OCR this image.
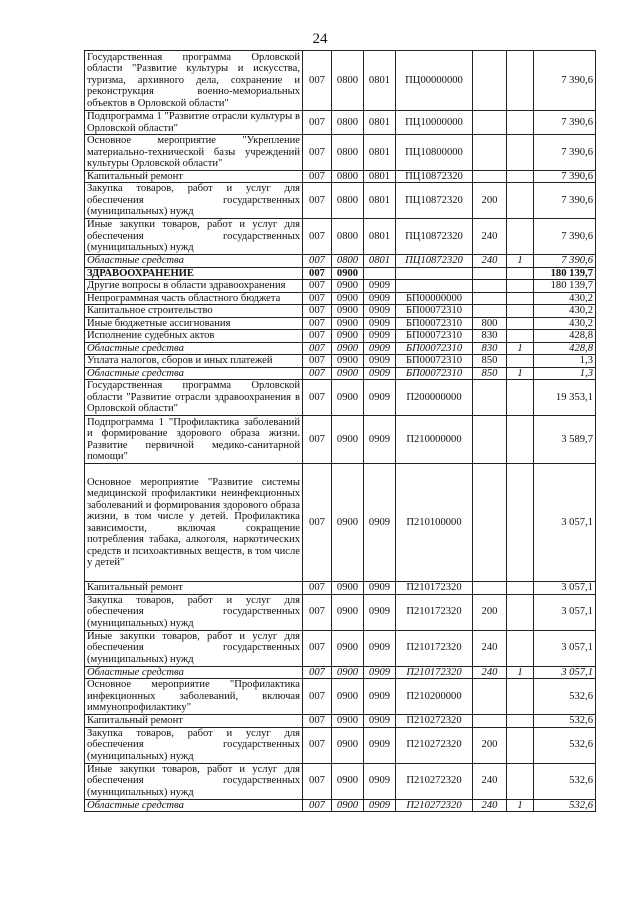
24
Государственная программа Орловской области "Развитие культуры и искусства, туризма, архивного дела, сохранение и реконструкция военно-мемориальных объектов в Орловской области"	007	0800	0801	ПЦ00000000			7 390,6
Подпрограмма 1 "Развитие отрасли культуры в Орловской области"	007	0800	0801	ПЦ10000000			7 390,6
Основное мероприятие "Укрепление материально-технической базы учреждений культуры Орловской области"	007	0800	0801	ПЦ10800000			7 390,6
Капитальный ремонт	007	0800	0801	ПЦ10872320			7 390,6
Закупка товаров, работ и услуг для обеспечения государственных (муниципальных) нужд	007	0800	0801	ПЦ10872320	200		7 390,6
Иные закупки товаров, работ и услуг для обеспечения государственных (муниципальных) нужд	007	0800	0801	ПЦ10872320	240		7 390,6
Областные средства	007	0800	0801	ПЦ10872320	240	1	7 390,6
ЗДРАВООХРАНЕНИЕ	007	0900					180 139,7
Другие вопросы в области здравоохранения	007	0900	0909				180 139,7
Непрограммная часть областного бюджета	007	0900	0909	БП00000000			430,2
Капитальное строительство	007	0900	0909	БП00072310			430,2
Иные бюджетные ассигнования	007	0900	0909	БП00072310	800		430,2
Исполнение судебных актов	007	0900	0909	БП00072310	830		428,8
Областные средства	007	0900	0909	БП00072310	830	1	428,8
Уплата налогов, сборов и иных платежей	007	0900	0909	БП00072310	850		1,3
Областные средства	007	0900	0909	БП00072310	850	1	1,3
Государственная программа Орловской области "Развитие отрасли здравоохранения в Орловской области"	007	0900	0909	П200000000			19 353,1
Подпрограмма 1 "Профилактика заболеваний и формирование здорового образа жизни. Развитие первичной медико-санитарной помощи"	007	0900	0909	П210000000			3 589,7
Основное мероприятие "Развитие системы медицинской профилактики неинфекционных заболеваний и формирования здорового образа жизни, в том числе у детей. Профилактика зависимости, включая сокращение потребления табака, алкоголя, наркотических средств и психоактивных веществ, в том числе у детей"	007	0900	0909	П210100000			3 057,1
Капитальный ремонт	007	0900	0909	П210172320			3 057,1
Закупка товаров, работ и услуг для обеспечения государственных (муниципальных) нужд	007	0900	0909	П210172320	200		3 057,1
Иные закупки товаров, работ и услуг для обеспечения государственных (муниципальных) нужд	007	0900	0909	П210172320	240		3 057,1
Областные средства	007	0900	0909	П210172320	240	1	3 057,1
Основное мероприятие "Профилактика инфекционных заболеваний, включая иммунопрофилактику"	007	0900	0909	П210200000			532,6
Капитальный ремонт	007	0900	0909	П210272320			532,6
Закупка товаров, работ и услуг для обеспечения государственных (муниципальных) нужд	007	0900	0909	П210272320	200		532,6
Иные закупки товаров, работ и услуг для обеспечения государственных (муниципальных) нужд	007	0900	0909	П210272320	240		532,6
Областные средства	007	0900	0909	П210272320	240	1	532,6
